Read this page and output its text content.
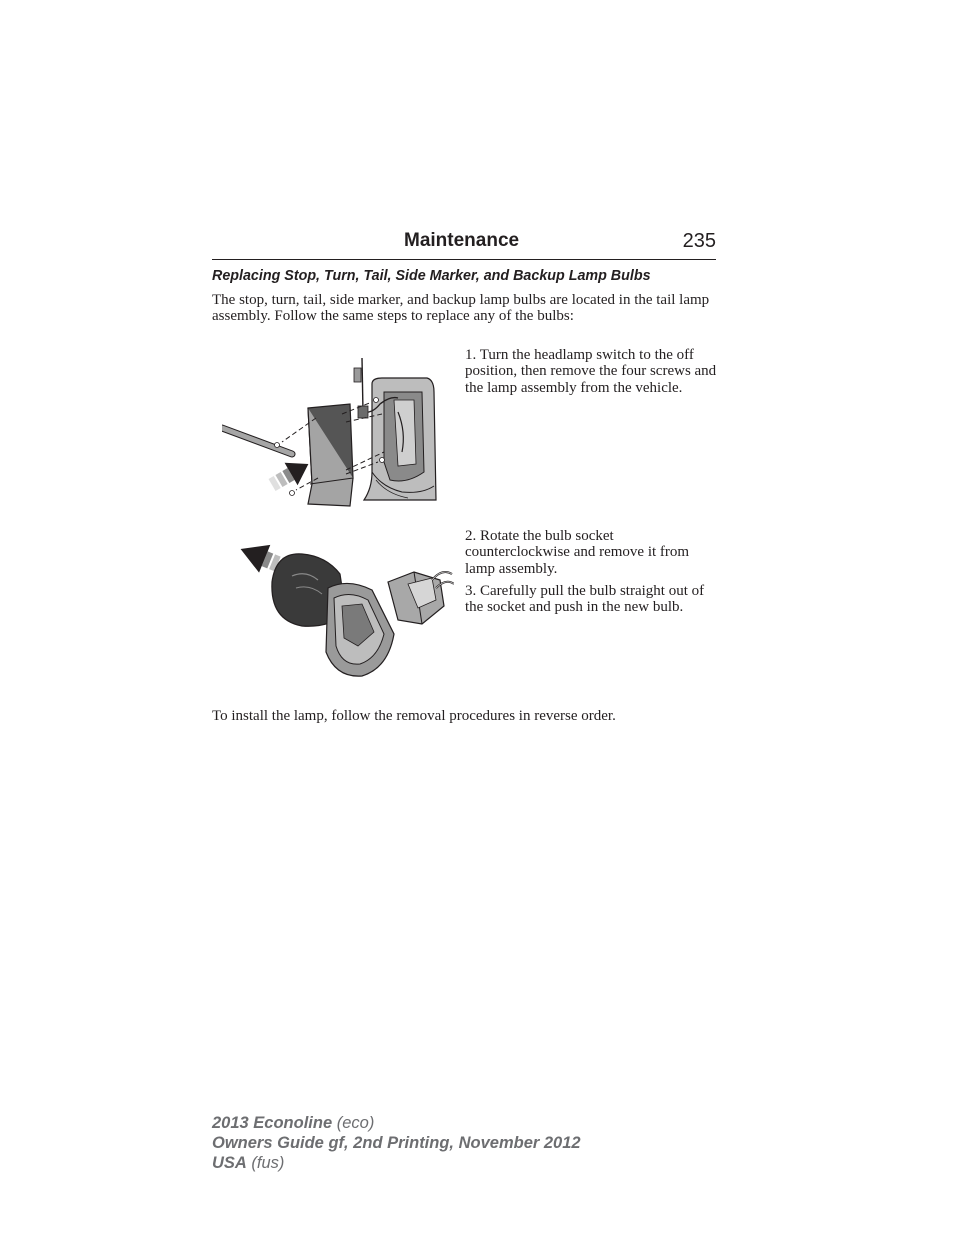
Maintenance	235
Replacing Stop, Turn, Tail, Side Marker, and Backup Lamp Bulbs

The stop, turn, tail, side marker, and backup lamp bulbs are located in the tail lamp assembly. Follow the same steps to replace any of the bulbs:

1. Turn the headlamp switch to the off position, then remove the four screws and the lamp assembly from the vehicle.

2. Rotate the bulb socket counterclockwise and remove it from lamp assembly.

3. Carefully pull the bulb straight out of the socket and push in the new bulb.

To install the lamp, follow the removal procedures in reverse order.

2013 Econoline (eco)
Owners Guide gf, 2nd Printing, November 2012
USA (fus)
